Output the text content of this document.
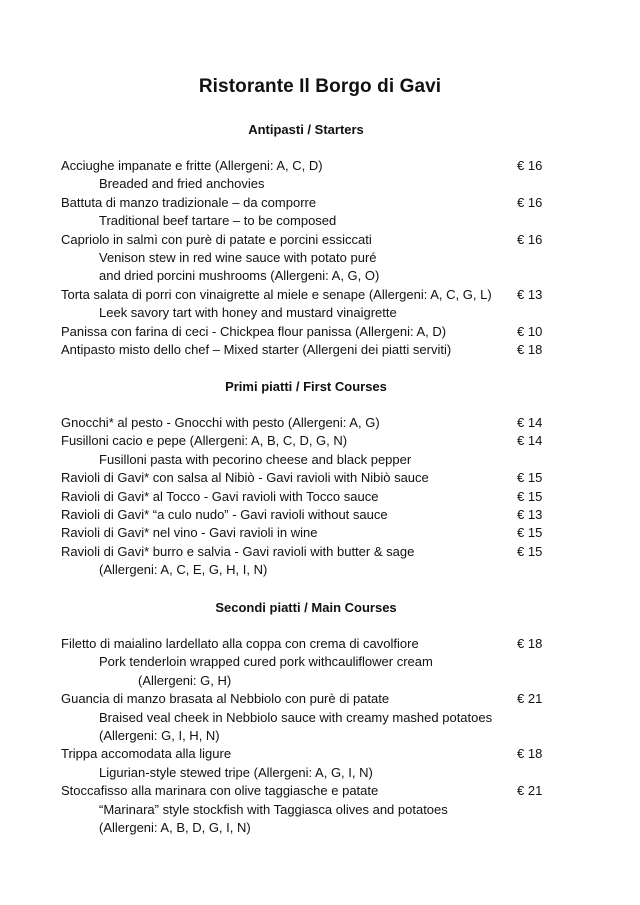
Ristorante Il Borgo di Gavi
Antipasti / Starters
Acciughe impanate e fritte (Allergeni: A, C, D)	€ 16
Breaded and fried anchovies
Battuta di manzo tradizionale – da comporre	€ 16
Traditional beef tartare – to be composed
Capriolo in salmì con purè di patate e porcini essiccati	€ 16
Venison stew in red wine sauce with potato puré
and dried porcini mushrooms (Allergeni: A, G, O)
Torta salata di porri con vinaigrette al miele e senape (Allergeni: A, C, G, L) € 13
Leek savory tart with honey and mustard vinaigrette
Panissa con farina di ceci - Chickpea flour panissa (Allergeni: A, D)	€ 10
Antipasto misto dello chef – Mixed starter (Allergeni dei piatti serviti)	€ 18
Primi piatti / First Courses
Gnocchi* al pesto - Gnocchi with pesto (Allergeni: A, G)	€ 14
Fusilloni cacio e pepe (Allergeni: A, B, C, D, G, N)	€ 14
Fusilloni pasta with pecorino cheese and black pepper
Ravioli di Gavi* con salsa al Nibiò - Gavi ravioli with Nibiò sauce	€ 15
Ravioli di Gavi* al Tocco - Gavi ravioli with Tocco sauce	€ 15
Ravioli di Gavi* “a culo nudo” - Gavi ravioli without sauce	€ 13
Ravioli di Gavi* nel vino - Gavi ravioli in wine	€ 15
Ravioli di Gavi* burro e salvia - Gavi ravioli with butter & sage	€ 15
(Allergeni: A, C, E, G, H, I, N)
Secondi piatti / Main Courses
Filetto di maialino lardellato alla coppa con crema di cavolfiore	€ 18
Pork tenderloin wrapped cured pork withcauliflower cream
(Allergeni: G, H)
Guancia di manzo brasata al Nebbiolo con purè di patate	€ 21
Braised veal cheek in Nebbiolo sauce with creamy mashed potatoes
(Allergeni: G, I, H, N)
Trippa accomodata alla ligure	€ 18
Ligurian-style stewed tripe (Allergeni: A, G, I, N)
Stoccafisso alla marinara con olive taggiasche e patate	€ 21
“Marinara” style stockfish with Taggiasca olives and potatoes
(Allergeni: A, B, D, G, I, N)
